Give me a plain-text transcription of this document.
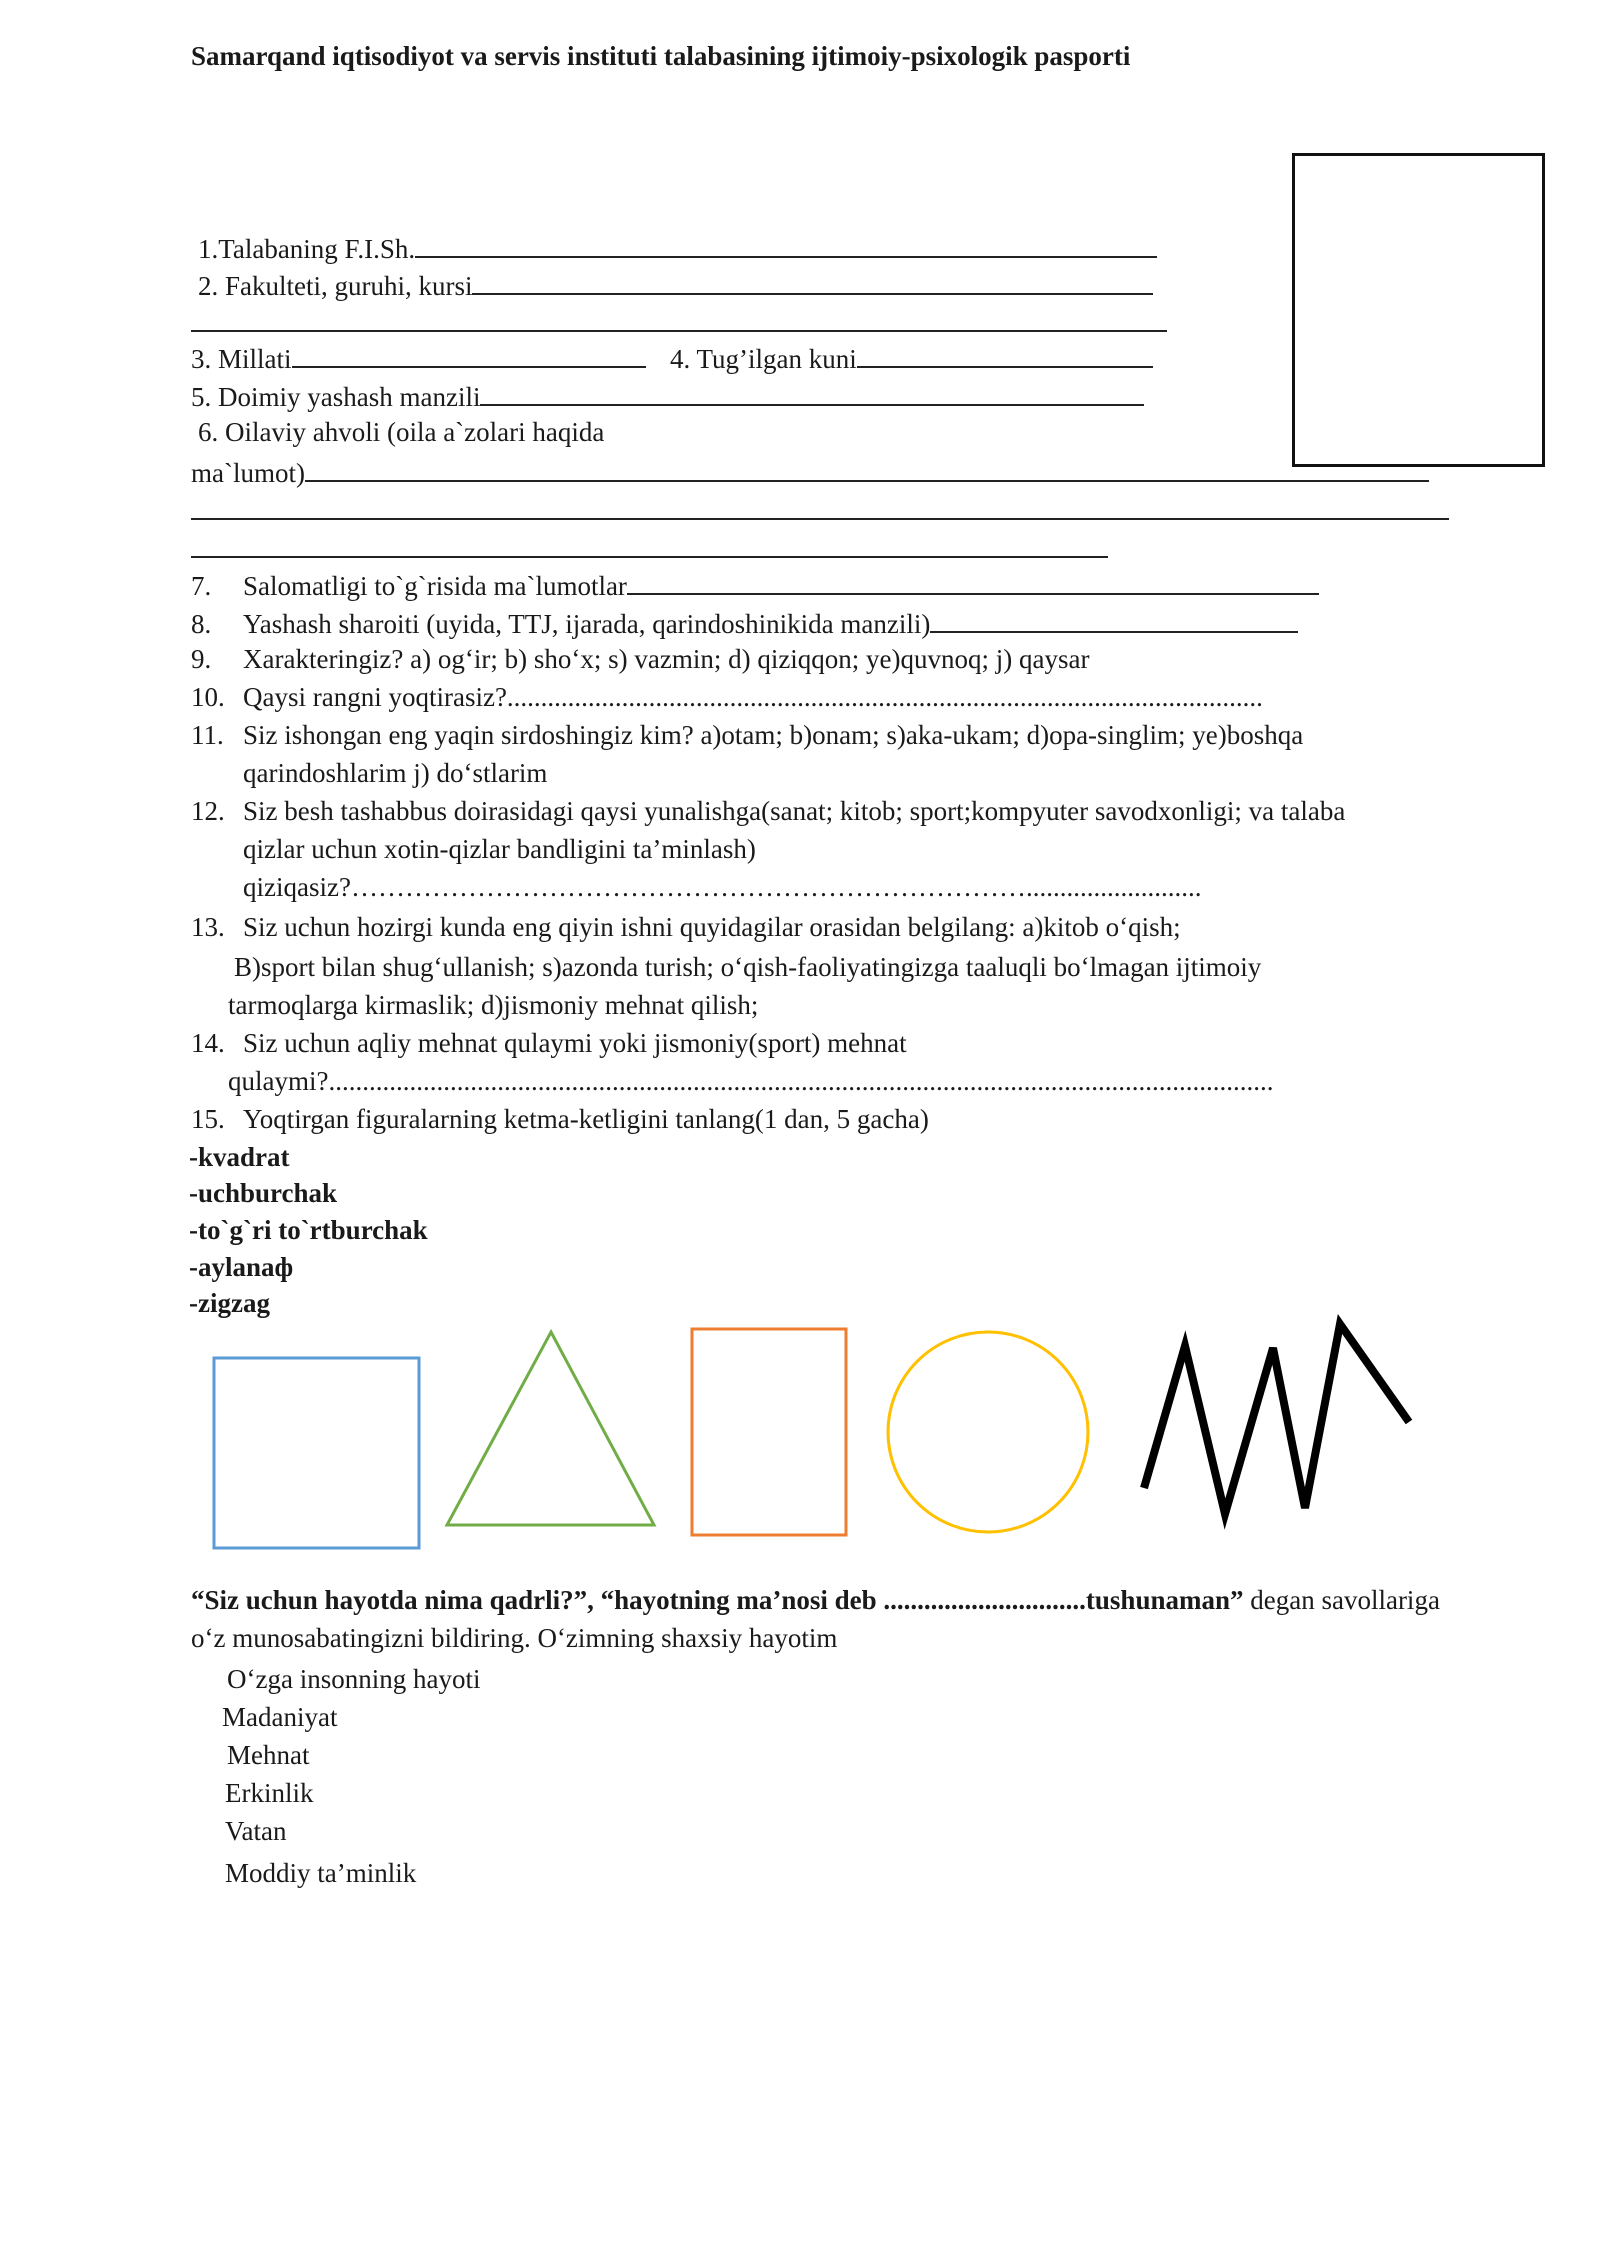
Samarqand iqtisodiyot va servis instituti talabasining ijtimoiy-psixologik pasporti
1.Talabaning F.I.Sh.
2. Fakulteti, guruhi, kursi
3. Millati	4. Tug’ilgan kuni
5. Doimiy yashash manzili
6. Oilaviy ahvoli (oila a`zolari haqida
ma`lumot)
7. Salomatligi to`g`risida ma`lumotlar
8. Yashash sharoiti (uyida, TTJ, ijarada, qarindoshinikida manzili)
9. Xarakteringiz? a) og‘ir; b) sho‘x; s) vazmin; d) qiziqqon; ye)quvnoq; j) qaysar
10. Qaysi rangni yoqtirasiz?................................................................................................................
11. Siz ishongan eng yaqin sirdoshingiz kim? a)otam; b)onam; s)aka-ukam; d)opa-singlim; ye)boshqa
qarindoshlarim j) do‘stlarim
12. Siz besh tashabbus doirasidagi qaysi yunalishga(sanat; kitob; sport;kompyuter savodxonligi; va talaba
qizlar uchun xotin-qizlar bandligini ta’minlash)
qiziqasiz?…………………………………………………………………..........................
13. Siz uchun hozirgi kunda eng qiyin ishni quyidagilar orasidan belgilang: a)kitob o‘qish;
B)sport bilan shug‘ullanish; s)azonda turish; o‘qish-faoliyatingizga taaluqli bo‘lmagan ijtimoiy
tarmoqlarga kirmaslik; d)jismoniy mehnat qilish;
14. Siz uchun aqliy mehnat qulaymi yoki jismoniy(sport) mehnat
qulaymi?............................................................................................................................................
15. Yoqtirgan figuralarning ketma-ketligini tanlang(1 dan, 5 gacha)
-kvadrat
-uchburchak
-to`g`ri to`rtburchak
-aylanaф
-zigzag
“Siz uchun hayotda nima qadrli?”, “hayotning ma’nosi deb ..............................tushunaman” degan savollariga
o‘z munosabatingizni bildiring. O‘zimning shaxsiy hayotim
O‘zga insonning hayoti
Madaniyat
Mehnat
Erkinlik
Vatan
Moddiy ta’minlik
